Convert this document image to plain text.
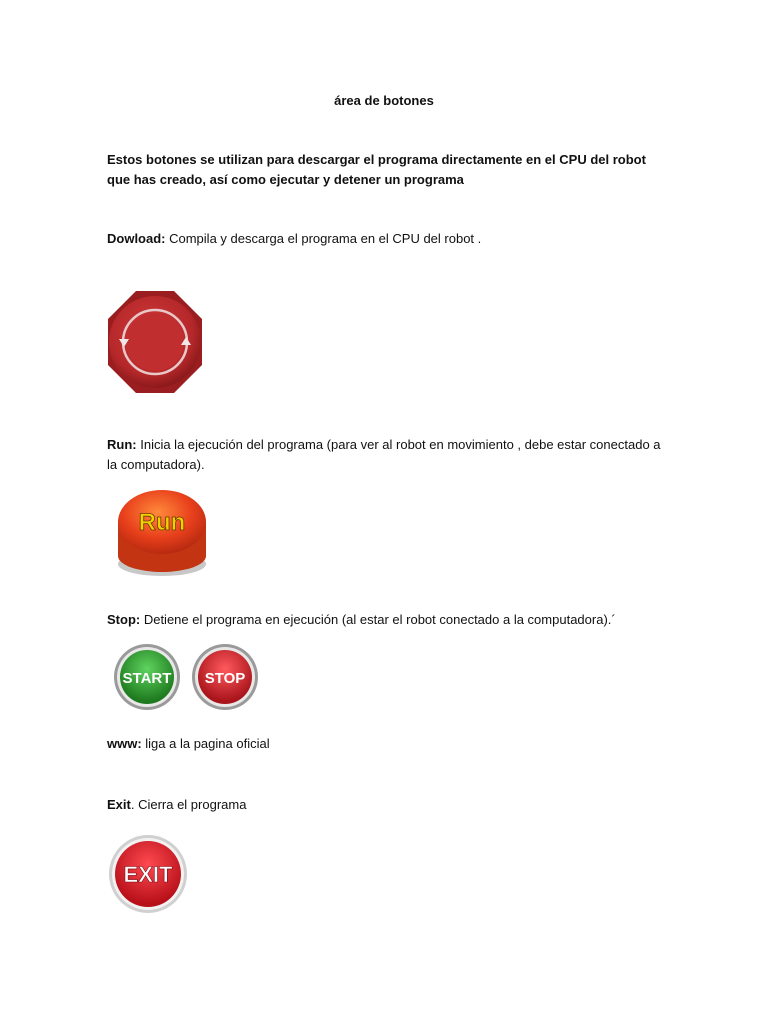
área de botones
Estos botones se utilizan para descargar el programa directamente en el CPU del robot que has creado, así como ejecutar y detener un programa
Dowload: Compila y descarga el programa en el CPU del robot .
Run: Inicia la ejecución del programa (para ver al robot en movimiento , debe estar conectado a la computadora).
Run
Stop: Detiene el programa en ejecución (al estar el robot conectado a la computadora).´
START STOP
www: liga a la pagina oficial
Exit. Cierra el programa
EXIT
